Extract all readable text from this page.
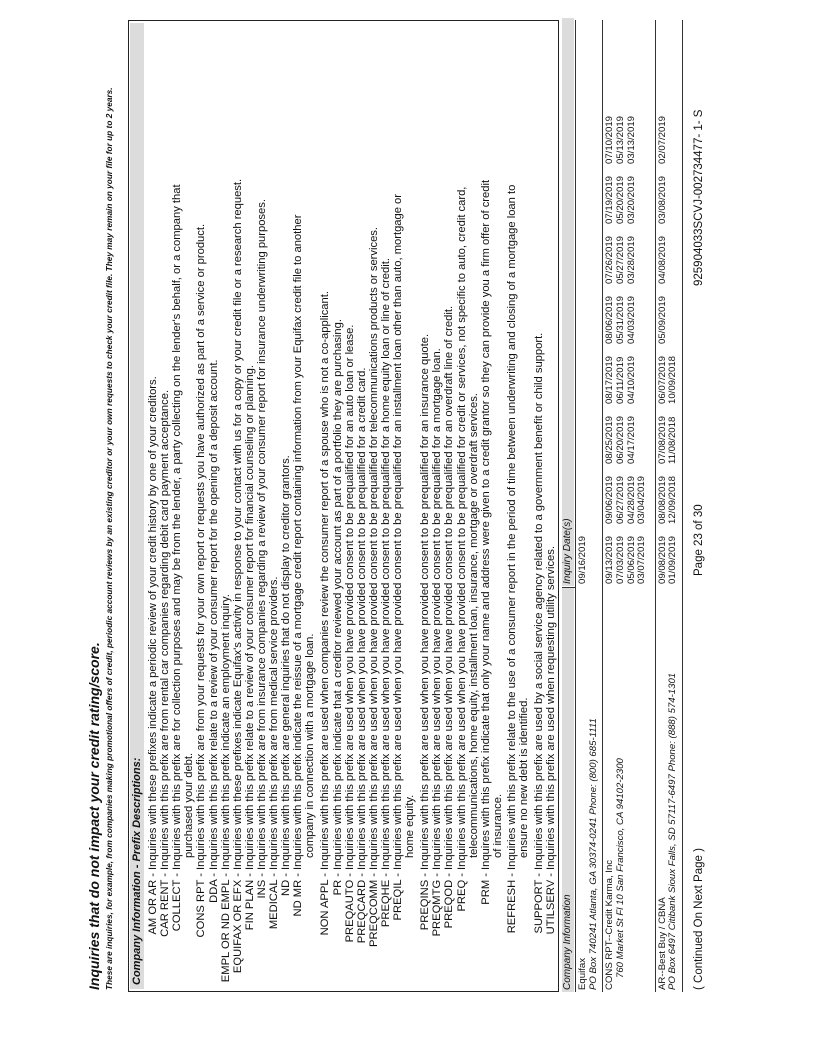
Inquiries that do not impact your credit rating/score. These are inquiries, for example, from companies making promotional offers of credit, periodic account reviews by an existing creditor or your own requests to check your credit file. They may remain on your file for up to 2 years. Company Information - Prefix Descriptions: AM OR AR -
Inquiries with these prefixes indicate a periodic review of your credit history by one of your creditors.
CAR RENT -
Inquiries with this prefix are from rental car companies regarding debit card payment acceptance.
COLLECT -
Inquiries with this prefix are for collection purposes and may be from the lender, a party collecting on the lender's behalf, or a company that purchased your debt.
CONS RPT -
Inquiries with this prefix are from your requests for your own report or requests you have authorized as part of a service or product.
DDA -
Inquiries with this prefix relate to a review of your consumer report for the opening of a deposit account.
EMPL OR ND EMPL -
Inquiries with this prefix indicate an employment inquiry.
EQUIFAX OR EFX -
Inquiries with these prefixes indicate Equifax's activity in response to your contact with us for a copy or your credit file or a research request.
FIN PLAN -
Inquiries with this prefix relate to a review of your consumer report for financial counseling or planning.
INS -
Inquiries with this prefix are from insurance companies regarding a review of your consumer report for insurance underwriting purposes.
MEDICAL -
Inquiries with this prefix are from medical service providers.
ND -
Inquiries with this prefix are general inquiries that do not display to creditor grantors.
ND MR -
Inquiries with this prefix indicate the reissue of a mortgage credit report containing information from your Equifax credit file to another company in connection with a mortgage loan.
NON APPL -
Inquiries with this prefix are used when companies review the consumer report of a spouse who is not a co-applicant.
PR -
Inquiries with this prefix indicate that a creditor reviewed your account as part of a portfolio they are purchasing.
PREQAUTO -
Inquiries with this prefix are used when you have provided consent to be prequalified for an auto loan or lease.
PREQCARD -
Inquiries with this prefix are used when you have provided consent to be prequalified for a credit card.
PREQCOMM -
Inquiries with this prefix are used when you have provided consent to be prequalified for telecommunications products or services.
PREQHE -
Inquiries with this prefix are used when you have provided consent to be prequalified for a home equity loan or line of credit.
PREQIL -
Inquiries with this prefix are used when you have provided consent to be prequalified for an installment loan other than auto, mortgage or home equity.
PREQINS -
Inquiries with this prefix are used when you have provided consent to be prequalified for an insurance quote.
PREQMTG -
Inquiries with this prefix are used when you have provided consent to be prequalified for a mortgage loan.
PREQOD -
Inquiries with this prefix are used when you have provided consent to be prequalified for an overdraft line of credit.
PREQ -
Inquiries with this prefix are used when you have provided consent to be prequalified for credit or services, not specific to auto, credit card, telecommunications, home equity, installment loan, insurance, mortgage or overdraft services.
PRM -
Inquires with this prefix indicate that only your name and address were given to a credit grantor so they can provide you a firm offer of credit of insurance.
REFRESH -
Inquiries with this prefix relate to the use of a consumer report in the period of time between underwriting and closing of a mortgage loan to ensure no new debt is identified.
SUPPORT -
Inquiries with this prefix are used by a social service agency related to a government benefit or child support.
UTILSERV -
Inquiries with this prefix are used when requesting utility services.
Company Information
Inquiry Date(s)
Equifax PO Box 740241 Atlanta, GA 30374-0241 Phone: (800) 685-1111
09/16/2019
CONS RPT--Credit Karma, Inc 760 Market St Fl 10 San Francisco, CA 94102-2300
09/13/2019
09/06/2019
08/25/2019
08/17/2019
08/06/2019
07/26/2019
07/19/2019
07/10/2019
07/03/2019
06/27/2019
06/20/2019
06/11/2019
05/31/2019
05/27/2019
05/20/2019
05/13/2019
05/06/2019
04/28/2019
04/17/2019
04/10/2019
04/03/2019
03/28/2019
03/20/2019
03/13/2019
03/07/2019
03/04/2019
AR--Best Buy / CBNA PO Box 6497 Citibank Sioux Falls, SD 57117-6497 Phone: (888) 574-1301
09/08/2019
08/08/2019
07/08/2019
06/07/2019
05/09/2019
04/08/2019
03/08/2019
02/07/2019
01/09/2019
12/09/2018
11/08/2018
10/09/2018
( Continued On Next Page )
Page 23 of 30
925904033SCVJ-002734477- 1- S
